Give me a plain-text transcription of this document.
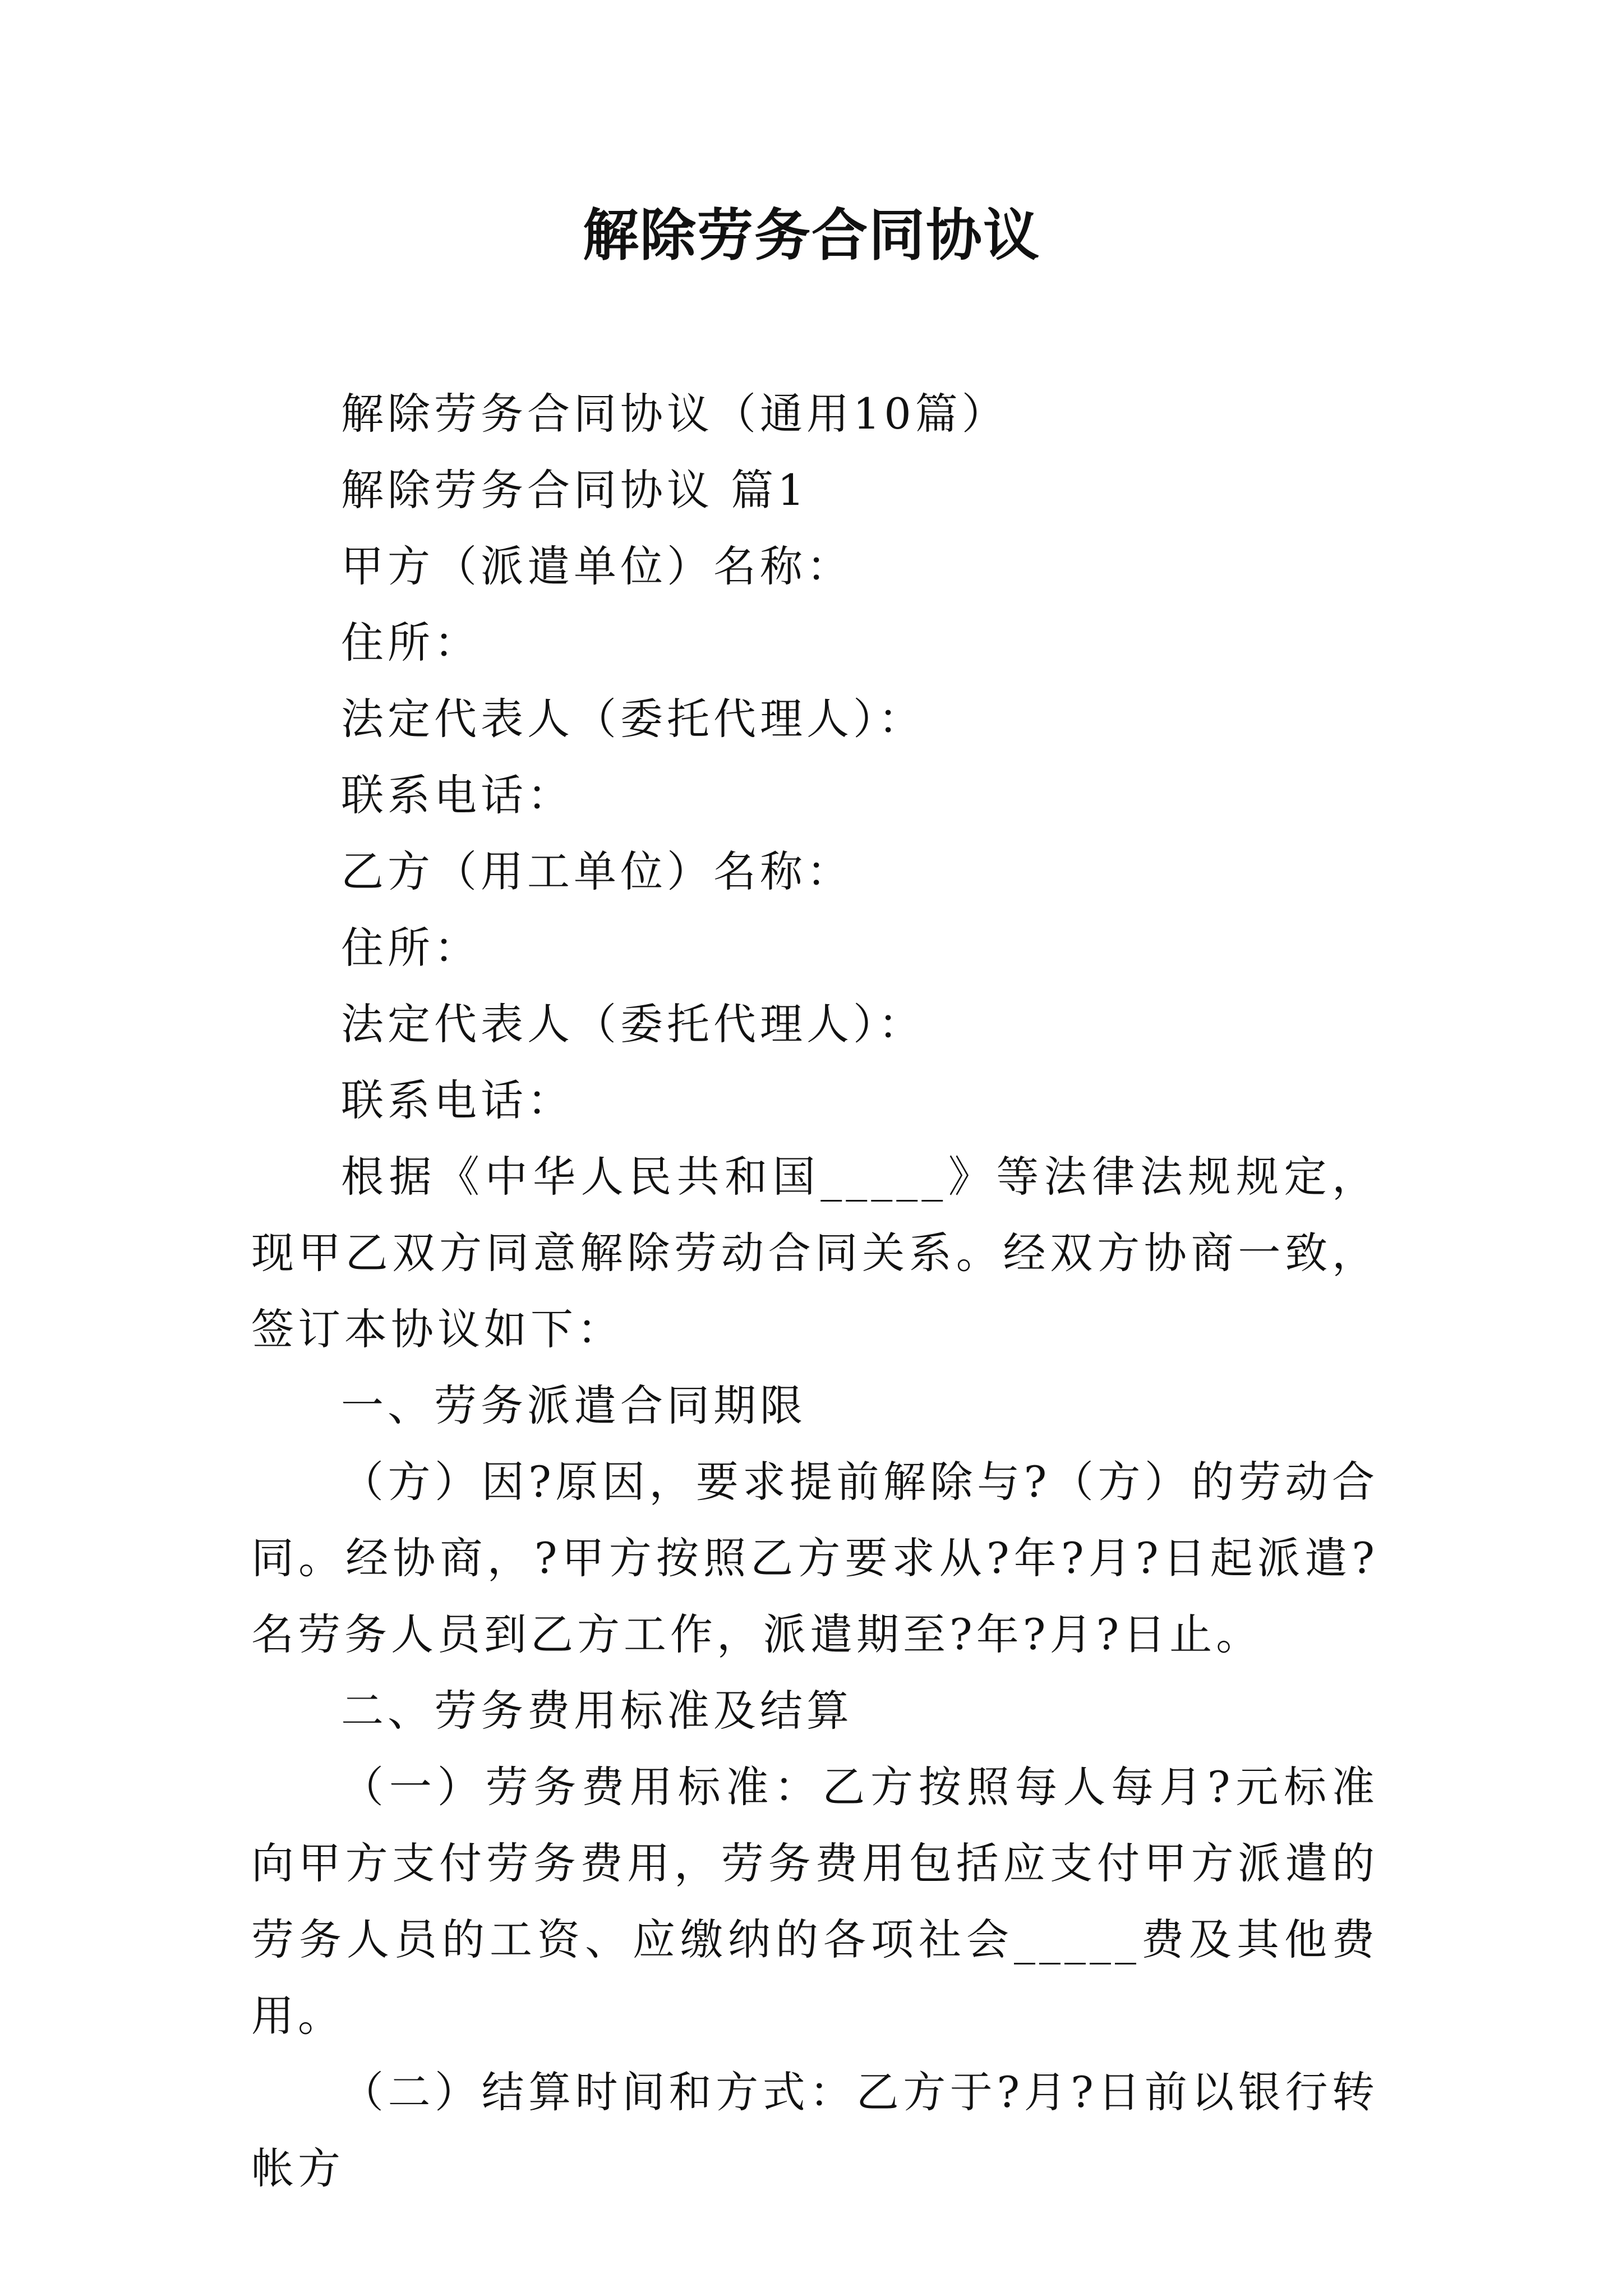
解除劳务合同协议

解除劳务合同协议（通用10篇）

解除劳务合同协议 篇1

甲方（派遣单位）名称：

住所：

法定代表人（委托代理人）：

联系电话：

乙方（用工单位）名称：

住所：

法定代表人（委托代理人）：

联系电话：

根据《中华人民共和国_____》等法律法规规定，现甲乙双方同意解除劳动合同关系。经双方协商一致，签订本协议如下：

一、劳务派遣合同期限

（方）因?原因，要求提前解除与?（方）的劳动合同。经协商，?甲方按照乙方要求从?年?月?日起派遣?名劳务人员到乙方工作，派遣期至?年?月?日止。

二、劳务费用标准及结算

（一）劳务费用标准：乙方按照每人每月?元标准向甲方支付劳务费用，劳务费用包括应支付甲方派遣的劳务人员的工资、应缴纳的各项社会_____费及其他费用。

（二）结算时间和方式：乙方于?月?日前以银行转帐方
